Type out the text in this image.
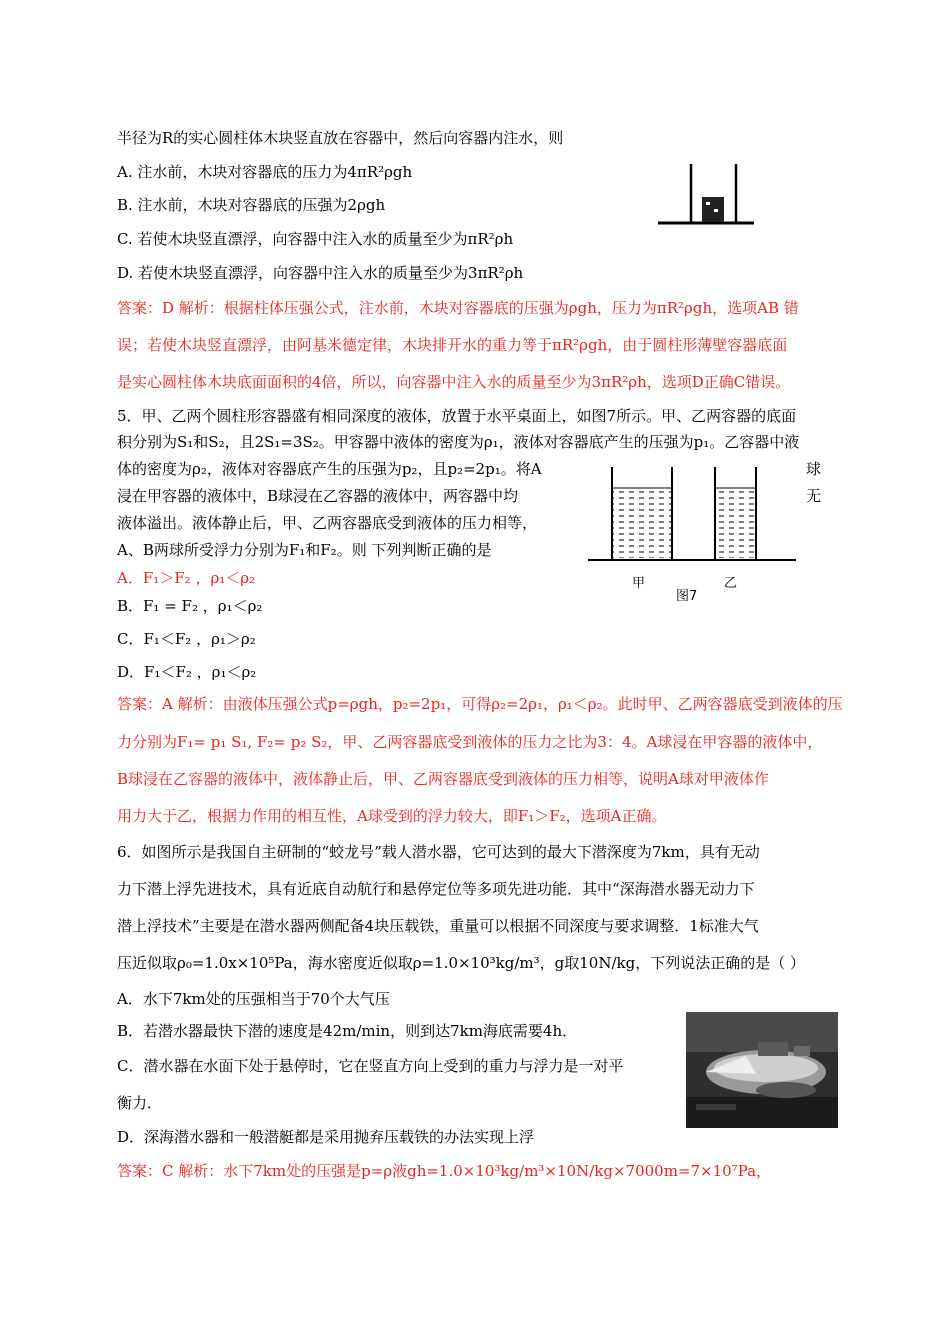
半径为R的实心圆柱体木块竖直放在容器中，然后向容器内注水，则
A. 注水前，木块对容器底的压力为4πR²ρgh
B. 注水前，木块对容器底的压强为2ρgh
C. 若使木块竖直漂浮，向容器中注入水的质量至少为πR²ρh
D. 若使木块竖直漂浮，向容器中注入水的质量至少为3πR²ρh
答案：D 解析：根据柱体压强公式，注水前，木块对容器底的压强为ρgh，压力为πR²ρgh，选项AB 错
误；若使木块竖直漂浮，由阿基米德定律，木块排开水的重力等于πR²ρgh，由于圆柱形薄壁容器底面
是实心圆柱体木块底面面积的4倍，所以，向容器中注入水的质量至少为3πR²ρh，选项D正确C错误。
5．甲、乙两个圆柱形容器盛有相同深度的液体，放置于水平桌面上，如图7所示。甲、乙两容器的底面
积分别为S₁和S₂，且2S₁=3S₂。甲容器中液体的密度为ρ₁，液体对容器底产生的压强为p₁。乙容器中液
体的密度为ρ₂，液体对容器底产生的压强为p₂，且p₂=2p₁。将A	球
浸在甲容器的液体中，B球浸在乙容器的液体中，两容器中均	无
液体溢出。液体静止后，甲、乙两容器底受到液体的压力相等，
A、B两球所受浮力分别为F₁和F₂。则 下列判断正确的是
A．F₁＞F₂ ，ρ₁＜ρ₂
B．F₁ = F₂ ，ρ₁＜ρ₂
C．F₁＜F₂ ，ρ₁＞ρ₂
D．F₁＜F₂ ，ρ₁＜ρ₂
甲	乙
图7
答案：A 解析：由液体压强公式p=ρgh，p₂=2p₁，可得ρ₂=2ρ₁，ρ₁＜ρ₂。此时甲、乙两容器底受到液体的压
力分别为F₁= p₁ S₁, F₂= p₂ S₂，甲、乙两容器底受到液体的压力之比为3：4。A球浸在甲容器的液体中，
B球浸在乙容器的液体中，液体静止后，甲、乙两容器底受到液体的压力相等，说明A球对甲液体作
用力大于乙，根据力作用的相互性，A球受到的浮力较大，即F₁＞F₂，选项A正确。
6．如图所示是我国自主研制的“蛟龙号”载人潜水器，它可达到的最大下潜深度为7km，具有无动
力下潜上浮先进技术，具有近底自动航行和悬停定位等多项先进功能．其中“深海潜水器无动力下
潜上浮技术”主要是在潜水器两侧配备4块压载铁，重量可以根据不同深度与要求调整．1标准大气
压近似取ρ₀=1.0x×10⁵Pa，海水密度近似取ρ=1.0×10³kg/m³，g取10N/kg，下列说法正确的是（ ）
A．水下7km处的压强相当于70个大气压
B．若潜水器最快下潜的速度是42m/min，则到达7km海底需要4h．
C．潜水器在水面下处于悬停时，它在竖直方向上受到的重力与浮力是一对平
衡力．
D．深海潜水器和一般潜艇都是采用抛弃压载铁的办法实现上浮
答案：C 解析：水下7km处的压强是p=ρ液gh=1.0×10³kg/m³×10N/kg×7000m=7×10⁷Pa，
